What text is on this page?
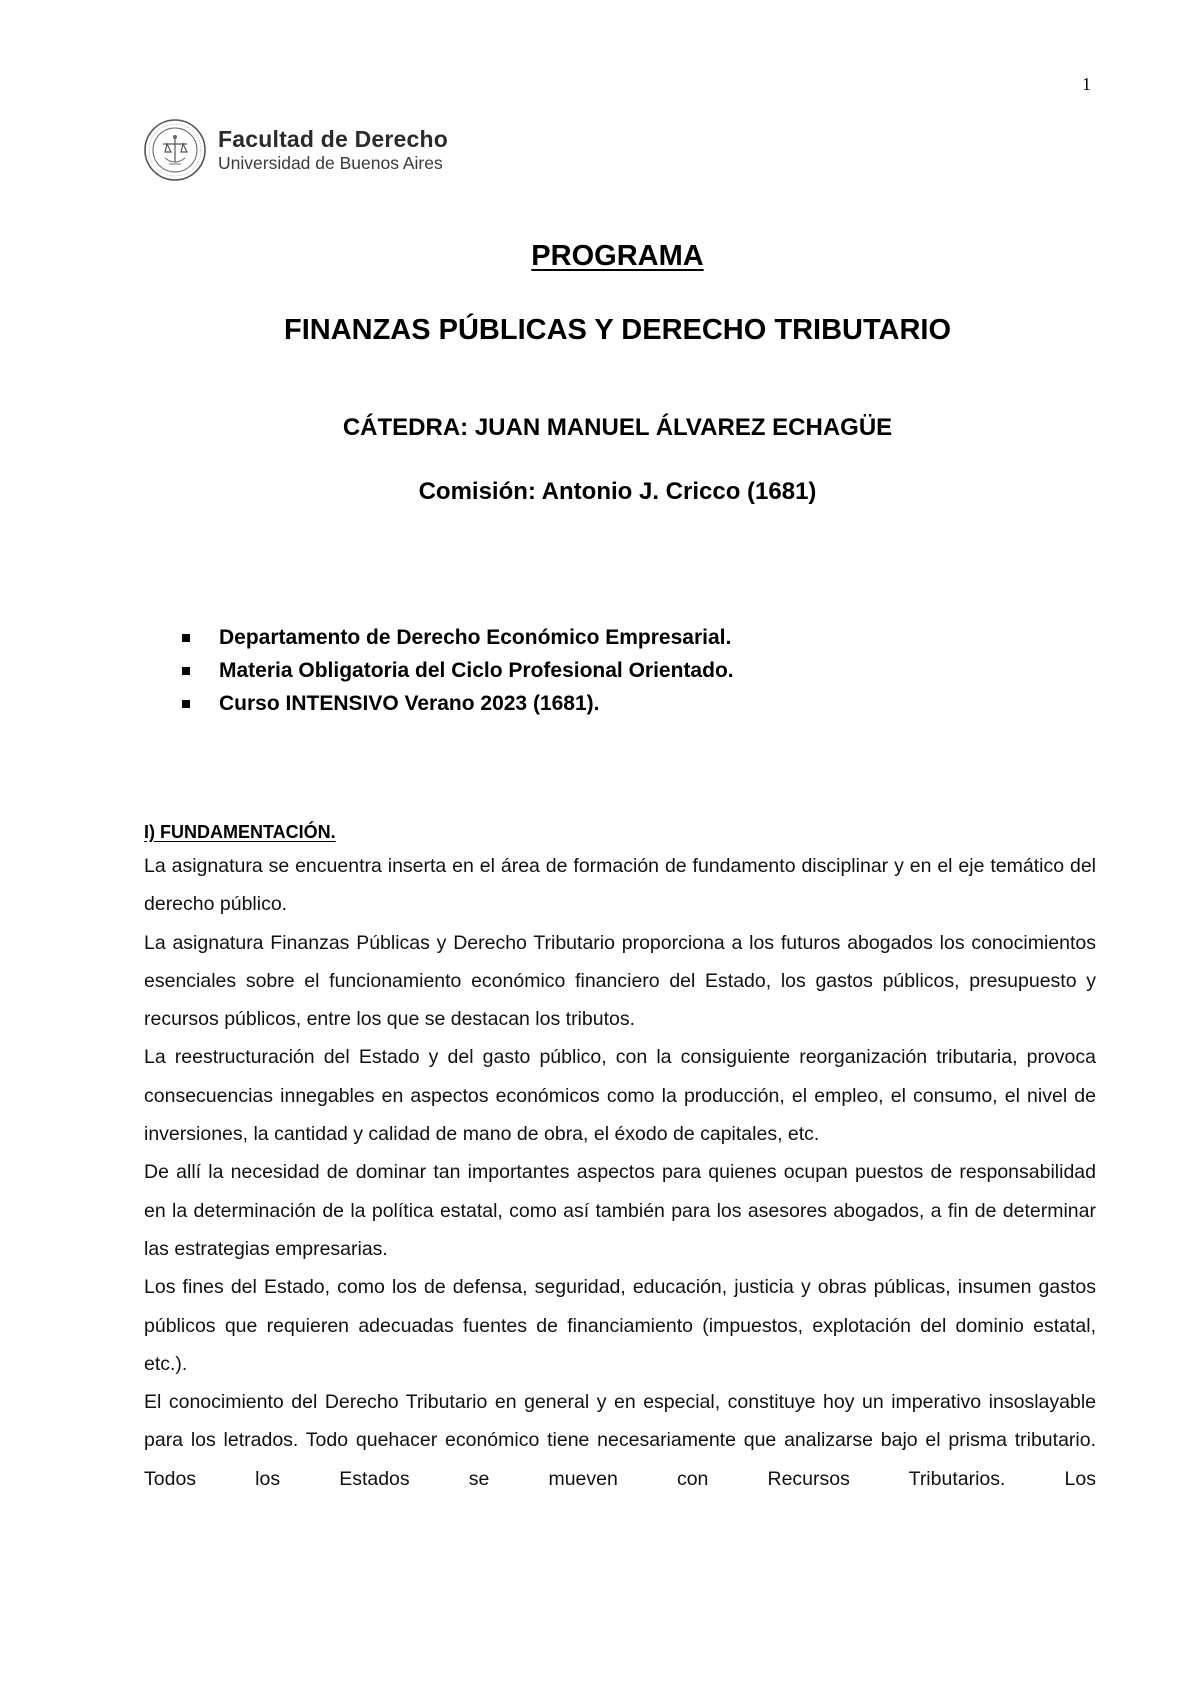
1
Facultad de Derecho
Universidad de Buenos Aires
PROGRAMA
FINANZAS PÚBLICAS Y DERECHO TRIBUTARIO
CÁTEDRA: JUAN MANUEL ÁLVAREZ ECHAGÜE
Comisión: Antonio J. Cricco (1681)
Departamento de Derecho Económico Empresarial.
Materia Obligatoria del Ciclo Profesional Orientado.
Curso INTENSIVO Verano 2023 (1681).
I) FUNDAMENTACIÓN.

La asignatura se encuentra inserta en el área de formación de fundamento disciplinar y en el eje temático del derecho público.

La asignatura Finanzas Públicas y Derecho Tributario proporciona a los futuros abogados los conocimientos esenciales sobre el funcionamiento económico financiero del Estado, los gastos públicos, presupuesto y recursos públicos, entre los que se destacan los tributos.

La reestructuración del Estado y del gasto público, con la consiguiente reorganización tributaria, provoca consecuencias innegables en aspectos económicos como la producción, el empleo, el consumo, el nivel de inversiones, la cantidad y calidad de mano de obra, el éxodo de capitales, etc.

De allí la necesidad de dominar tan importantes aspectos para quienes ocupan puestos de responsabilidad en la determinación de la política estatal, como así también para los asesores abogados, a fin de determinar las estrategias empresarias.

Los fines del Estado, como los de defensa, seguridad, educación, justicia y obras públicas, insumen gastos públicos que requieren adecuadas fuentes de financiamiento (impuestos, explotación del dominio estatal, etc.).

El conocimiento del Derecho Tributario en general y en especial, constituye hoy un imperativo insoslayable para los letrados. Todo quehacer económico tiene necesariamente que analizarse bajo el prisma tributario. Todos los Estados se mueven con Recursos Tributarios. Los
